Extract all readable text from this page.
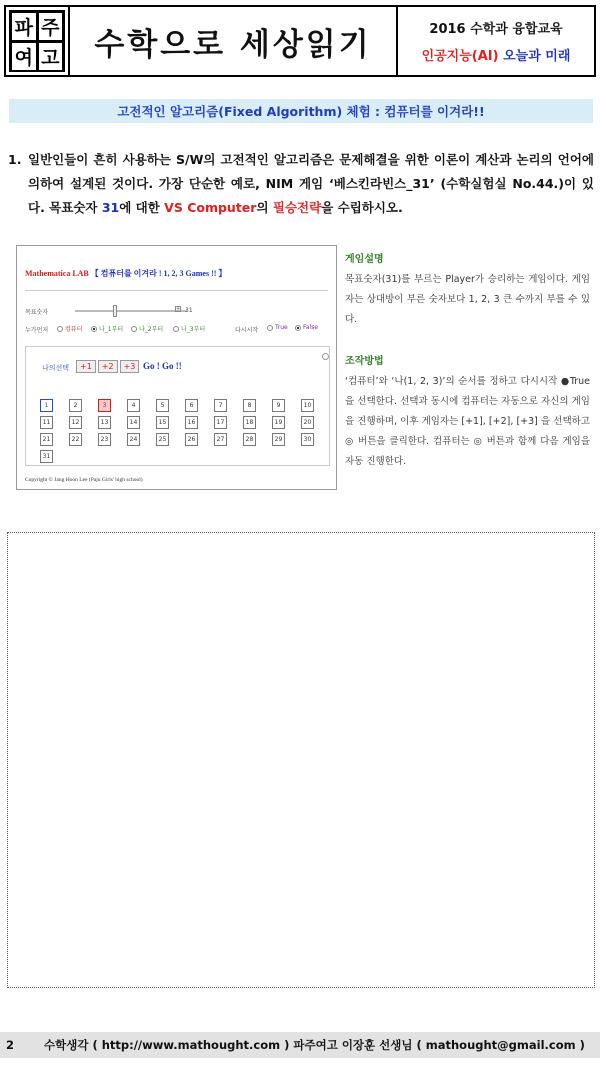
파 주
여 고	수학으로 세상읽기	2016 수학과 융합교육
인공지능(AI) 오늘과 미래
고전적인 알고리즘(Fixed Algorithm) 체험 : 컴퓨터를 이겨라!!
1. 일반인들이 흔히 사용하는 S/W의 고전적인 알고리즘은 문제해결을 위한 이론이 계산과 논리의 언어에 의하여 설계된 것이다. 가장 단순한 예로, NIM 게임 ‘베스킨라빈스_31’ (수학실험실 No.44.)이 있다. 목표숫자 31에 대한 VS Computer의 필승전략을 수립하시오.

Mathematica LAB 【 컴퓨터를 이겨라 ! 1, 2, 3 Games !! 】
목표숫자	+ 31
누가먼저	컴퓨터	나_1부터	나_2부터	나_3부터	다시시작	True	False
나의선택	+1	+2	+3 Go ! Go !!
1	2	3	4	5	6	7	8	9	10
11	12	13	14	15	16	17	18	19	20
21	22	23	24	25	26	27	28	29	30
31
Copyright © Jang Hoon Lee (Paju Girls' high school)
게임설명

목표숫자(31)를 부르는 Player가 승리하는 게임이다. 게임자는 상대방이 부른 숫자보다 1, 2, 3 큰 수까지 부를 수 있다.

조작방법

‘컴퓨터’와 ‘나(1, 2, 3)’의 순서를 정하고 다시시작 ●True을 선택한다. 선택과 동시에 컴퓨터는 자동으로 자신의 게임을 진행하며, 이후 게임자는 [+1], [+2], [+3] 을 선택하고 ◎ 버튼을 클릭한다. 컴퓨터는 ◎ 버튼과 함께 다음 게임을 자동 진행한다.

2	수학생각 ( http://www.mathought.com ) 파주여고 이장훈 선생님 ( mathought@gmail.com )
